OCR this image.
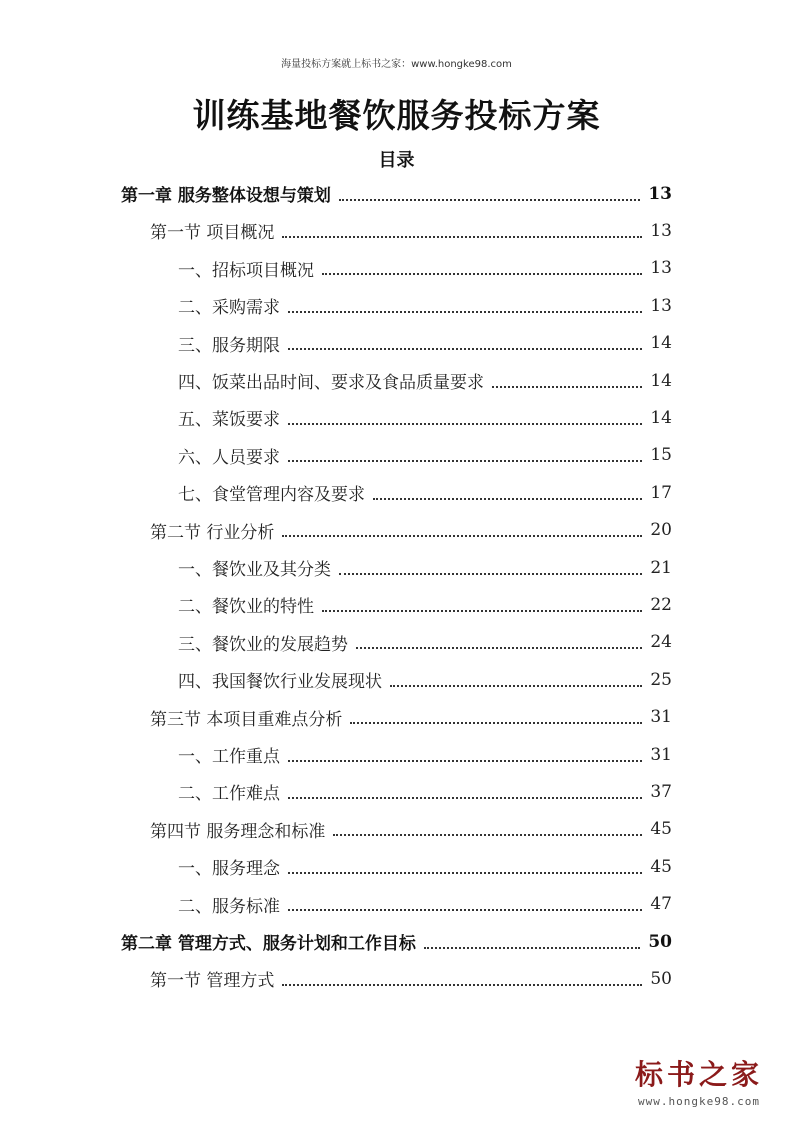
海量投标方案就上标书之家：www.hongke98.com
训练基地餐饮服务投标方案
目录
第一章 服务整体设想与策划	13
第一节 项目概况	13
一、招标项目概况	13
二、采购需求	13
三、服务期限	14
四、饭菜出品时间、要求及食品质量要求	14
五、菜饭要求	14
六、人员要求	15
七、食堂管理内容及要求	17
第二节 行业分析	20
一、餐饮业及其分类	21
二、餐饮业的特性	22
三、餐饮业的发展趋势	24
四、我国餐饮行业发展现状	25
第三节 本项目重难点分析	31
一、工作重点	31
二、工作难点	37
第四节 服务理念和标准	45
一、服务理念	45
二、服务标准	47
第二章 管理方式、服务计划和工作目标	50
第一节 管理方式	50
标书之家
www.hongke98.com
